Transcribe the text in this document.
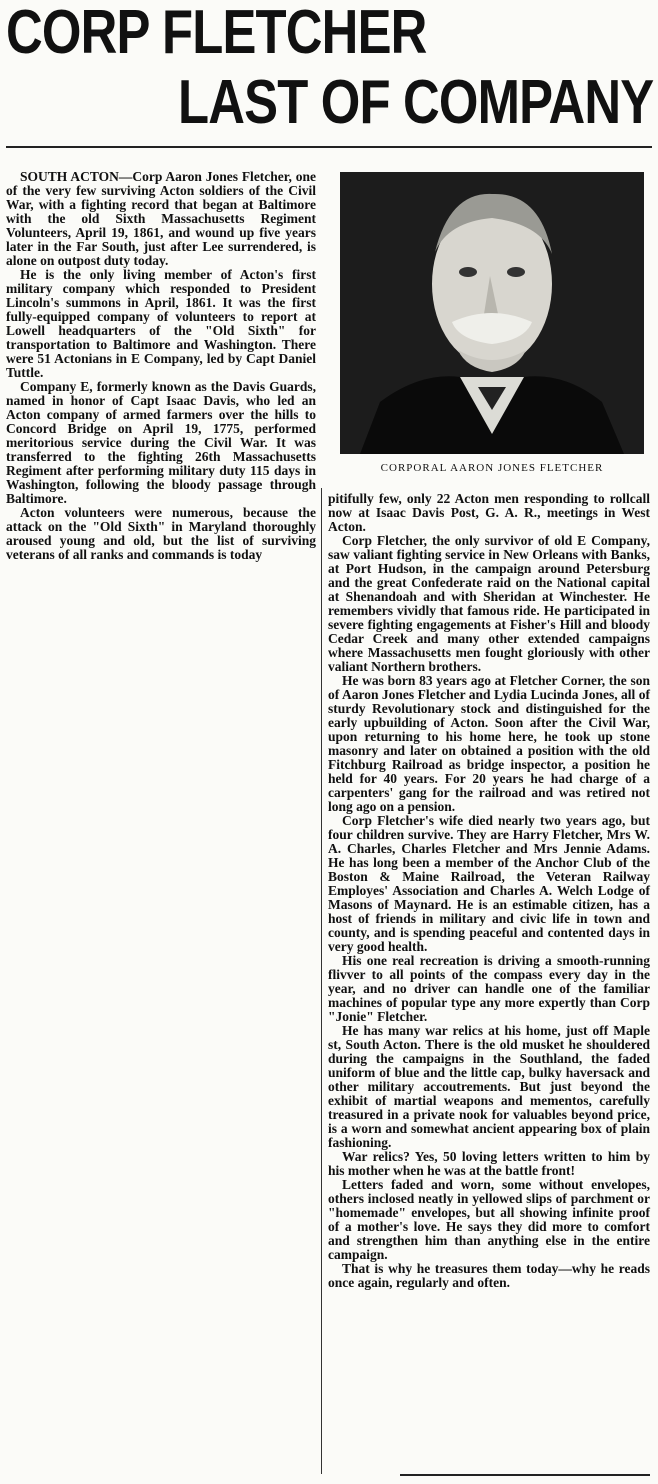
CORP FLETCHER
LAST OF COMPANY

SOUTH ACTON—Corp Aaron Jones Fletcher, one of the very few surviving Acton soldiers of the Civil War, with a fighting record that began at Baltimore with the old Sixth Massachusetts Regiment Volunteers, April 19, 1861, and wound up five years later in the Far South, just after Lee surrendered, is alone on outpost duty today.

He is the only living member of Acton's first military company which responded to President Lincoln's summons in April, 1861. It was the first fully-equipped company of volunteers to report at Lowell headquarters of the "Old Sixth" for transportation to Baltimore and Washington. There were 51 Actonians in E Company, led by Capt Daniel Tuttle.

Company E, formerly known as the Davis Guards, named in honor of Capt Isaac Davis, who led an Acton company of armed farmers over the hills to Concord Bridge on April 19, 1775, performed meritorious service during the Civil War. It was transferred to the fighting 26th Massachusetts Regiment after performing military duty 115 days in Washington, following the bloody passage through Baltimore.

Acton volunteers were numerous, because the attack on the "Old Sixth" in Maryland thoroughly aroused young and old, but the list of surviving veterans of all ranks and commands is today

CORPORAL AARON JONES FLETCHER

pitifully few, only 22 Acton men responding to rollcall now at Isaac Davis Post, G. A. R., meetings in West Acton.

Corp Fletcher, the only survivor of old E Company, saw valiant fighting service in New Orleans with Banks, at Port Hudson, in the campaign around Petersburg and the great Confederate raid on the National capital at Shenandoah and with Sheridan at Winchester. He remembers vividly that famous ride. He participated in severe fighting engagements at Fisher's Hill and bloody Cedar Creek and many other extended campaigns where Massachusetts men fought gloriously with other valiant Northern brothers.

He was born 83 years ago at Fletcher Corner, the son of Aaron Jones Fletcher and Lydia Lucinda Jones, all of sturdy Revolutionary stock and distinguished for the early upbuilding of Acton. Soon after the Civil War, upon returning to his home here, he took up stone masonry and later on obtained a position with the old Fitchburg Railroad as bridge inspector, a position he held for 40 years. For 20 years he had charge of a carpenters' gang for the railroad and was retired not long ago on a pension.

Corp Fletcher's wife died nearly two years ago, but four children survive. They are Harry Fletcher, Mrs W. A. Charles, Charles Fletcher and Mrs Jennie Adams. He has long been a member of the Anchor Club of the Boston & Maine Railroad, the Veteran Railway Employes' Association and Charles A. Welch Lodge of Masons of Maynard. He is an estimable citizen, has a host of friends in military and civic life in town and county, and is spending peaceful and contented days in very good health.

His one real recreation is driving a smooth-running flivver to all points of the compass every day in the year, and no driver can handle one of the familiar machines of popular type any more expertly than Corp "Jonie" Fletcher.

He has many war relics at his home, just off Maple st, South Acton. There is the old musket he shouldered during the campaigns in the Southland, the faded uniform of blue and the little cap, bulky haversack and other military accoutrements. But just beyond the exhibit of martial weapons and mementos, carefully treasured in a private nook for valuables beyond price, is a worn and somewhat ancient appearing box of plain fashioning.

War relics? Yes, 50 loving letters written to him by his mother when he was at the battle front!

Letters faded and worn, some without envelopes, others inclosed neatly in yellowed slips of parchment or "homemade" envelopes, but all showing infinite proof of a mother's love. He says they did more to comfort and strengthen him than anything else in the entire campaign.

That is why he treasures them today—why he reads once again, regularly and often.
